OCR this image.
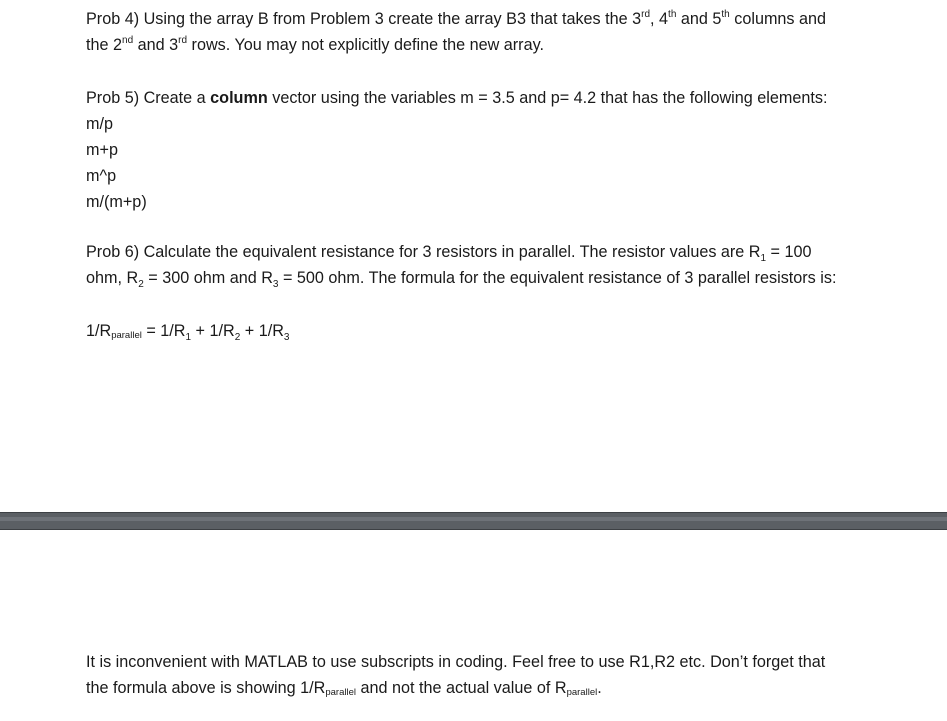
Prob 4) Using the array B from Problem 3 create the array B3 that takes the 3rd, 4th and 5th columns and
the 2nd and 3rd rows. You may not explicitly define the new array.

Prob 5) Create a column vector using the variables m = 3.5 and p= 4.2 that has the following elements:
m/p
m+p
m^p
m/(m+p)

Prob 6) Calculate the equivalent resistance for 3 resistors in parallel. The resistor values are $R_1 = 100$
ohm, $R_2 = 300$ ohm and $R_3 = 500$ ohm. The formula for the equivalent resistance of 3 parallel resistors is:

1/Rparallel = $1/R_1 + 1/R_2 + 1/R_3$

It is inconvenient with MATLAB to use subscripts in coding. Feel free to use R1,R2 etc. Don’t forget that
the formula above is showing 1/Rparallel and not the actual value of Rparallel.
